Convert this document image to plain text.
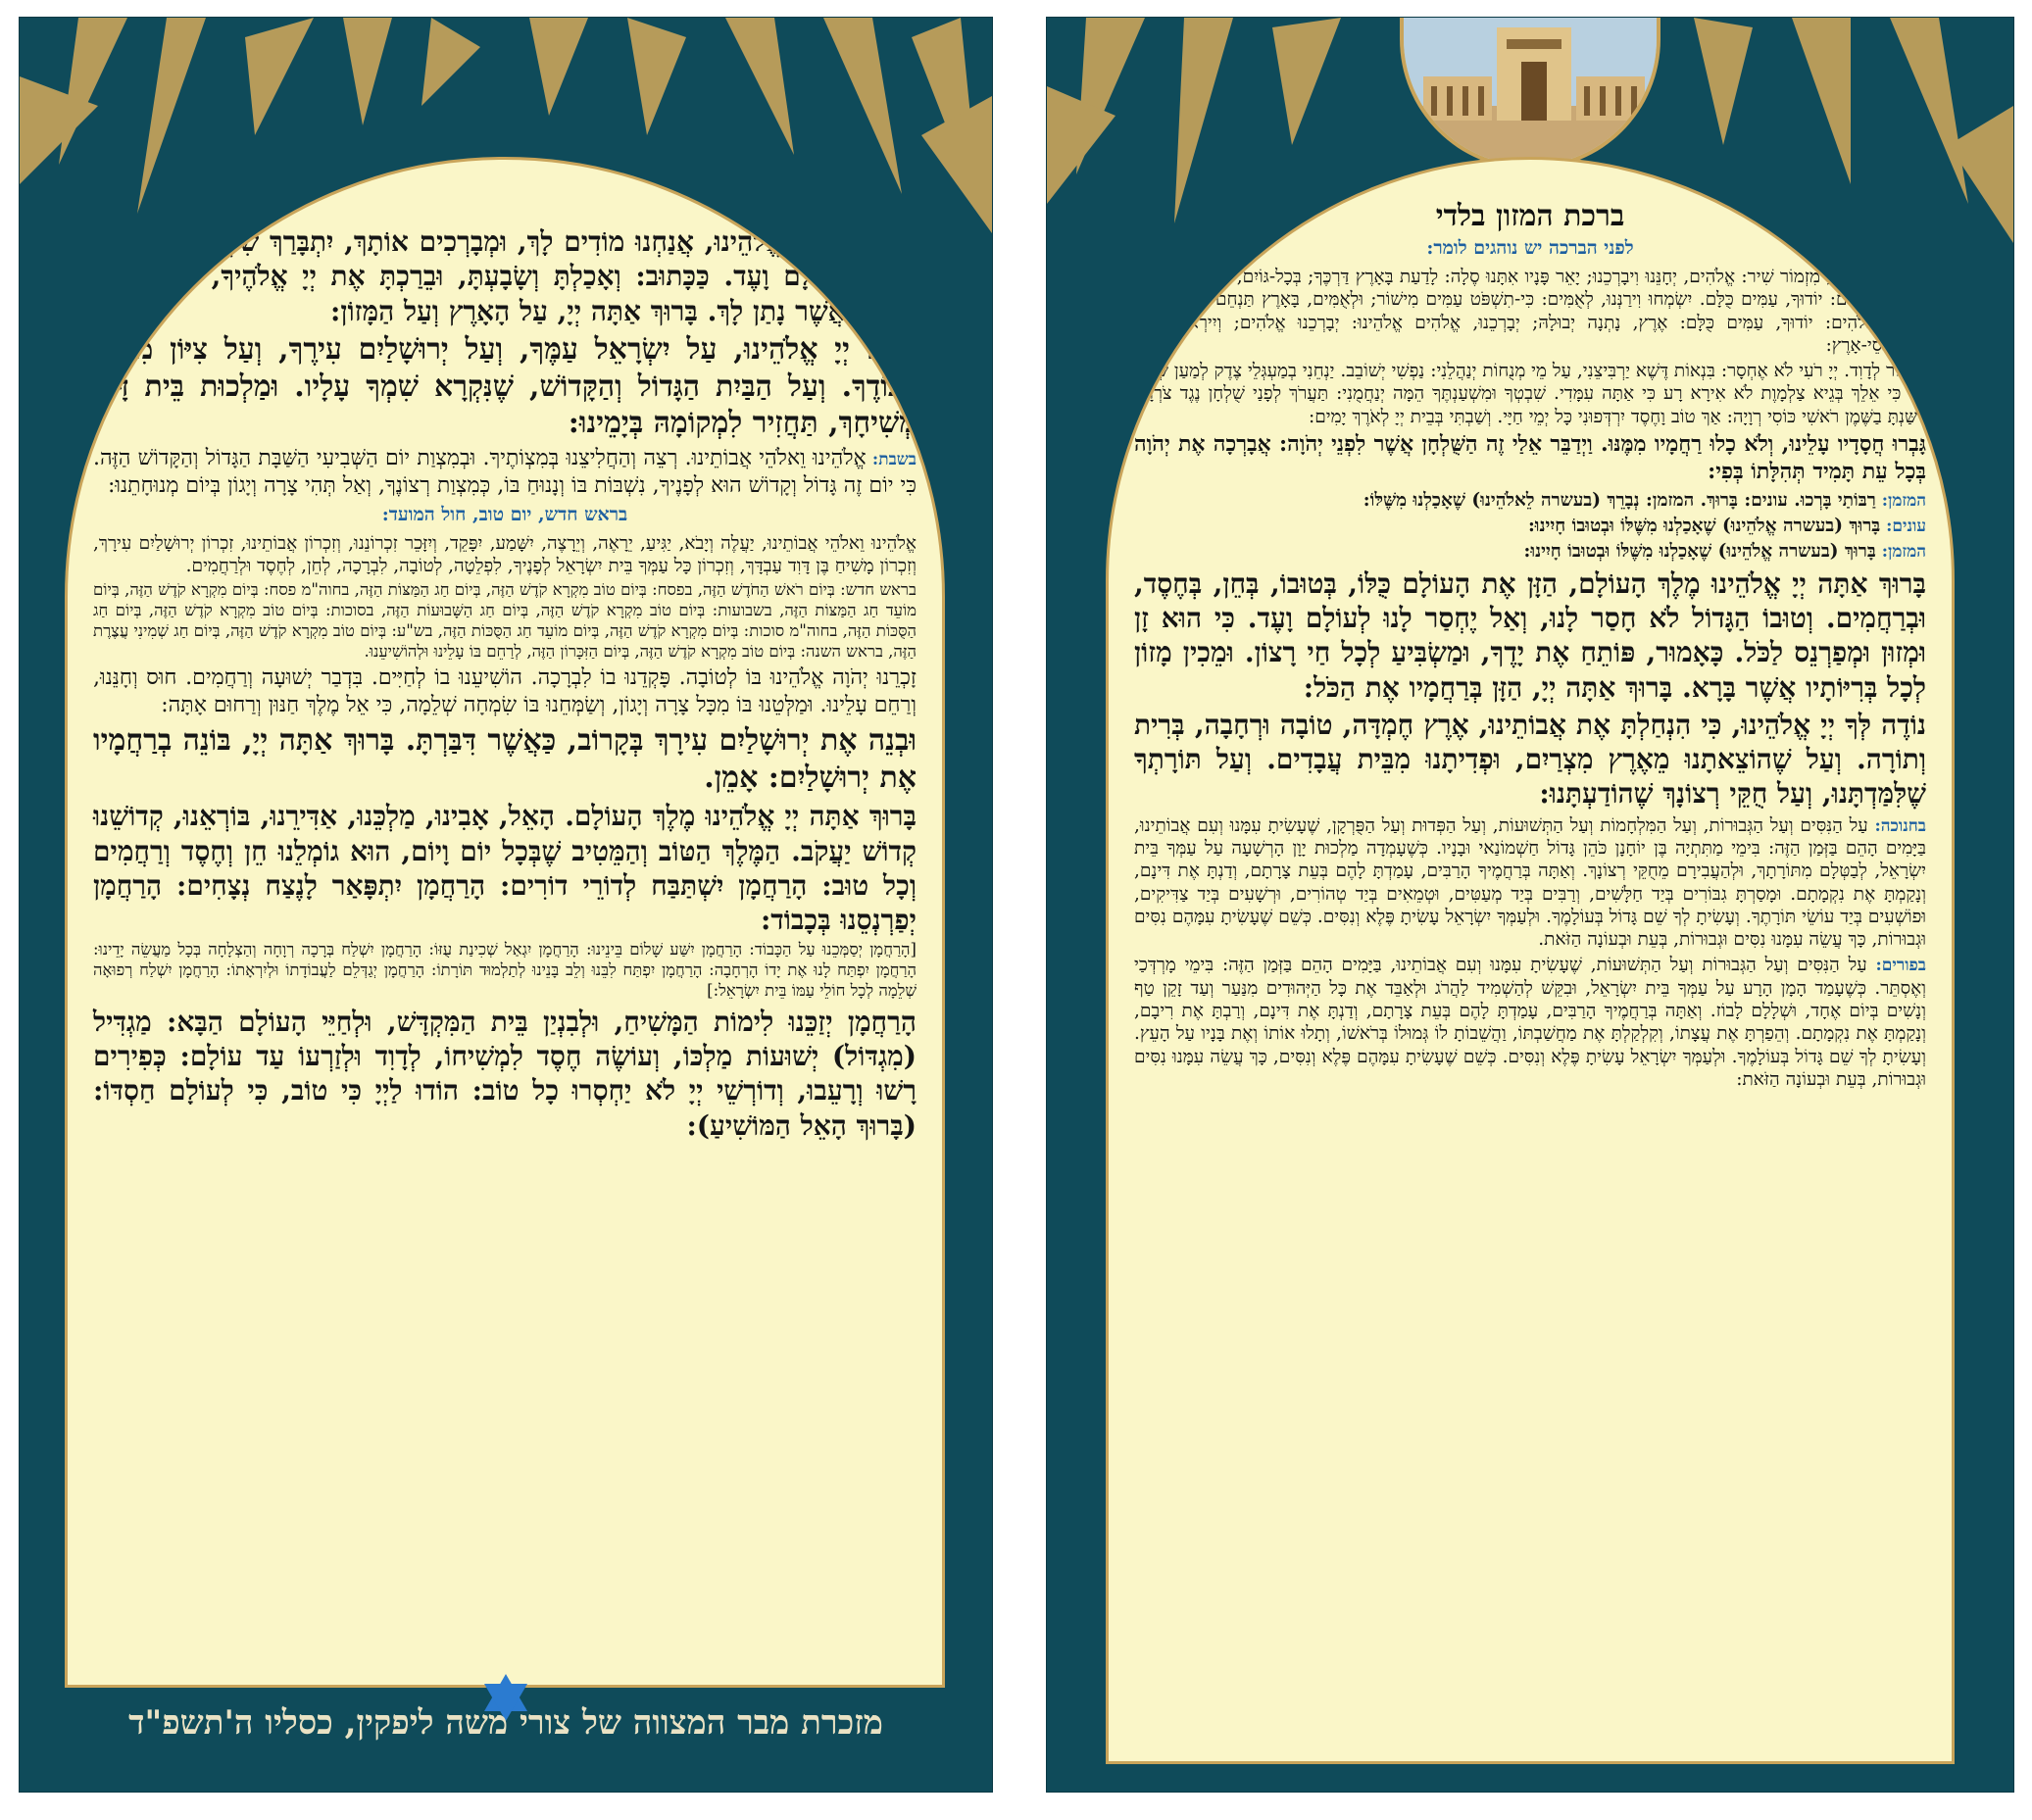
וְעַל הַכֹּל, יְיָ אֱלֹהֵינוּ, אֲנַחְנוּ מוֹדִים לָךְ, וּמְבָרְכִים אוֹתָךְ, יִתְבָּרַךְ שִׁמְךָ בְּפִי כָּל חַי תָּמִיד לְעוֹלָם וָעֶד. כַּכָּתוּב: וְאָכַלְתָּ וְשָׂבָעְתָּ, וּבֵרַכְתָּ אֶת יְיָ אֱלֹהֶיךָ, עַל הָאָרֶץ הַטֹּבָה אֲשֶׁר נָתַן לָךְ. בָּרוּךְ אַתָּה יְיָ, עַל הָאָרֶץ וְעַל הַמָּזוֹן:

רַחֵם יְיָ אֱלֹהֵינוּ, עַל יִשְׂרָאֵל עַמֶּךָ, וְעַל יְרוּשָׁלַיִם עִירֶךָ, וְעַל צִיּוֹן מִשְׁכַּן כְּבוֹדֶךָ. וְעַל הַבַּיִת הַגָּדוֹל וְהַקָּדוֹשׁ, שֶׁנִּקְרָא שִׁמְךָ עָלָיו. וּמַלְכוּת בֵּית דָּוִד מְשִׁיחָךְ, תַּחֲזִיר לִמְקוֹמָהּ בְּיָמֵינוּ:

בשבת: אֱלֹהֵינוּ וֵאלֹהֵי אֲבוֹתֵינוּ. רְצֵה וְהַחֲלִיצֵנוּ בְּמִצְוֹתֶיךָ. וּבְמִצְוַת יוֹם הַשְּׁבִיעִי הַשַּׁבָּת הַגָּדוֹל וְהַקָּדוֹשׁ הַזֶּה. כִּי יוֹם זֶה גָּדוֹל וְקָדוֹשׁ הוּא לְפָנֶיךָ, נִשְׁבּוֹת בּוֹ וְנָנוּחַ בּוֹ, כְּמִצְוַת רְצוֹנֶךָ, וְאַל תְּהִי צָרָה וְיָגוֹן בְּיוֹם מְנוּחָתֵנוּ:

בראש חדש, יום טוב, חול המועד:

אֱלֹהֵינוּ וֵאלֹהֵי אֲבוֹתֵינוּ, יַעֲלֶה וְיָבֹא, יַגִּיעַ, יֵרָאֶה, וְיֵרָצֶה, יִשָּׁמַע, יִפָּקֵד, וְיִזָּכֵר זִכְרוֹנֵנוּ, וְזִכְרוֹן אֲבוֹתֵינוּ, זִכְרוֹן יְרוּשָׁלַיִם עִירָךְ, וְזִכְרוֹן מָשִׁיחַ בֶּן דָּוִד עַבְדָּךְ, וְזִכְרוֹן כָּל עַמְּךָ בֵּית יִשְׂרָאֵל לְפָנֶיךָ, לִפְלֵטָה, לְטוֹבָה, לִבְרָכָה, לְחֵן, לְחֶסֶד וּלְרַחֲמִים.

בראש חדש: בְּיוֹם רֹאשׁ הַחֹדֶשׁ הַזֶּה, בפסח: בְּיוֹם טוֹב מִקְרָא קֹדֶשׁ הַזֶּה, בְּיוֹם חַג הַמַּצּוֹת הַזֶּה, בחוה"מ פסח: בְּיוֹם מִקְרָא קֹדֶשׁ הַזֶּה, בְּיוֹם מוֹעֵד חַג הַמַּצּוֹת הַזֶּה, בשבועות: בְּיוֹם טוֹב מִקְרָא קֹדֶשׁ הַזֶּה, בְּיוֹם חַג הַשָּׁבוּעוֹת הַזֶּה, בסוכות: בְּיוֹם טוֹב מִקְרָא קֹדֶשׁ הַזֶּה, בְּיוֹם חַג הַסֻּכּוֹת הַזֶּה, בחוה"מ סוכות: בְּיוֹם מִקְרָא קֹדֶשׁ הַזֶּה, בְּיוֹם מוֹעֵד חַג הַסֻּכּוֹת הַזֶּה, בש"ע: בְּיוֹם טוֹב מִקְרָא קֹדֶשׁ הַזֶּה, בְּיוֹם חַג שְׁמִינִי עֲצֶרֶת הַזֶּה, בראש השנה: בְּיוֹם טוֹב מִקְרָא קֹדֶשׁ הַזֶּה, בְּיוֹם הַזִּכָּרוֹן הַזֶּה, לְרַחֵם בּוֹ עָלֵינוּ וּלְהוֹשִׁיעֵנוּ.

זָכְרֵנוּ יְהֹוָה אֱלֹהֵינוּ בּוֹ לְטוֹבָה. פָּקְדֵנוּ בוֹ לִבְרָכָה. הוֹשִׁיעֵנוּ בוֹ לְחַיִּים. בִּדְבַר יְשׁוּעָה וְרַחֲמִים. חוּס וְחָנֵּנוּ, וְרַחֵם עָלֵינוּ. וּמַלְּטֵנוּ בּוֹ מִכָּל צָרָה וְיָגוֹן, וְשַׂמְּחֵנוּ בּוֹ שִׂמְחָה שְׁלֵמָה, כִּי אֵל מֶלֶךְ חַנּוּן וְרַחוּם אָתָּה:

וּבְנֵה אֶת יְרוּשָׁלַיִם עִירָךְ בְּקָרוֹב, כַּאֲשֶׁר דִּבַּרְתָּ. בָּרוּךְ אַתָּה יְיָ, בּוֹנֵה בְרַחֲמָיו אֶת יְרוּשָׁלַיִם: אָמֵן.

בָּרוּךְ אַתָּה יְיָ אֱלֹהֵינוּ מֶלֶךְ הָעוֹלָם. הָאֵל, אָבִינוּ, מַלְכֵּנוּ, אַדִּירֵנוּ, בּוֹרְאֵנוּ, קְדוֹשֵׁנוּ קְדוֹשׁ יַעֲקֹב. הַמֶּלֶךְ הַטּוֹב וְהַמֵּטִיב שֶׁבְּכָל יוֹם וָיוֹם, הוּא גוֹמְלֵנוּ חֵן וְחֶסֶד וְרַחֲמִים וְכָל טוּב: הָרַחֲמָן יִשְׁתַּבַּח לְדוֹרֵי דוֹרִים: הָרַחֲמָן יִתְפָּאַר לָנֶצַח נְצָחִים: הָרַחֲמָן יְפַרְנְסֵנוּ בְּכָבוֹד:

[הָרַחֲמָן יְסַמְּכֵנוּ עַל הַכָּבוֹד: הָרַחֲמָן יִשַּׁע שָׁלוֹם בֵּינֵינוּ: הָרַחֲמָן יִגְאַל שְׁכִינַת עֻזּוֹ: הָרַחֲמָן יִשְׁלַח בְּרָכָה רְוָחָה וְהַצְלָחָה בְּכָל מַעֲשֵׂה יָדֵינוּ: הָרַחֲמָן יִפְתַּח לָנוּ אֶת יָדוֹ הָרְחָבָה: הָרַחֲמָן יִפְתַּח לִבֵּנוּ וְלֵב בָּנֵינוּ לְתַלְמוּד תּוֹרָתוֹ: הָרַחֲמָן יְגַדְּלֵם לַעֲבוֹדָתוֹ וּלְיִרְאָתוֹ: הָרַחֲמָן יִשְׁלַח רְפוּאָה שְׁלֵמָה לְכָל חוֹלֵי עַמּוֹ בֵּית יִשְׂרָאֵל:]

הָרַחֲמָן יְזַכֵּנוּ לִימוֹת הַמָּשִׁיחַ, וּלְבִנְיַן בֵּית הַמִּקְדָּשׁ, וּלְחַיֵּי הָעוֹלָם הַבָּא: מַגְדִּיל (מִגְדּוֹל) יְשׁוּעוֹת מַלְכּוֹ, וְעוֹשֶׂה חֶסֶד לִמְשִׁיחוֹ, לְדָוִד וּלְזַרְעוֹ עַד עוֹלָם: כְּפִירִים רָשׁוּ וְרָעֵבוּ, וְדוֹרְשֵׁי יְיָ לֹא יַחְסְרוּ כָל טוֹב: הוֹדוּ לַיְיָ כִּי טוֹב, כִּי לְעוֹלָם חַסְדּוֹ: (בָּרוּךְ הָאֵל הַמּוֹשִׁיעַ):

מזכרת מבר המצווה של צורי משה ליפקין, כסליו ה'תשפ"ד
ברכת המזון בלדי
לפני הברכה יש נוהגים לומר:

לַמְנַצֵּחַ בִּנְגִינֹת, מִזְמוֹר שִׁיר: אֱלֹהִים, יְחָנֵּנוּ וִיבָרְכֵנוּ; יָאֵר פָּנָיו אִתָּנוּ סֶלָה: לָדַעַת בָּאָרֶץ דַּרְכֶּךָ; בְּכָל-גּוֹיִם, יְשׁוּעָתֶךָ: יוֹדוּךָ עַמִּים אֱלֹהִים: יוֹדוּךָ, עַמִּים כֻּלָּם. יִשְׂמְחוּ וִירַנְּנוּ, לְאֻמִּים: כִּי-תִשְׁפֹּט עַמִּים מִישׁוֹר; וּלְאֻמִּים, בָּאָרֶץ תַּנְחֵם סֶלָה: יוֹדוּךָ עַמִּים אֱלֹהִים: יוֹדוּךָ, עַמִּים כֻּלָּם: אֶרֶץ, נָתְנָה יְבוּלָהּ; יְבָרְכֵנוּ, אֱלֹהִים אֱלֹהֵינוּ: יְבָרְכֵנוּ אֱלֹהִים; וְיִירְאוּ אוֹתוֹ, כָּל-אַפְסֵי-אָרֶץ:

מִזְמוֹר לְדָוִד. יְיָ רֹעִי לֹא אֶחְסָר: בִּנְאוֹת דֶּשֶׁא יַרְבִּיצֵנִי, עַל מֵי מְנֻחוֹת יְנַהֲלֵנִי: נַפְשִׁי יְשׁוֹבֵב. יַנְחֵנִי בְמַעְגְּלֵי צֶדֶק לְמַעַן שְׁמוֹ: גַּם כִּי אֵלֵךְ בְּגֵיא צַלְמָוֶת לֹא אִירָא רָע כִּי אַתָּה עִמָּדִי. שִׁבְטְךָ וּמִשְׁעַנְתֶּךָ הֵמָּה יְנַחֲמֻנִי: תַּעֲרֹךְ לְפָנַי שֻׁלְחָן נֶגֶד צֹרְרָי. דִּשַּׁנְתָּ בַשֶּׁמֶן רֹאשִׁי כּוֹסִי רְוָיָה: אַךְ טוֹב וָחֶסֶד יִרְדְּפוּנִי כָּל יְמֵי חַיָּי. וְשַׁבְתִּי בְּבֵית יְיָ לְאֹרֶךְ יָמִים:

גָּבְרוּ חֲסָדָיו עָלֵינוּ, וְלֹא כָלוּ רַחֲמָיו מִמֶּנּוּ. וַיְדַבֵּר אֵלַי זֶה הַשֻּׁלְחָן אֲשֶׁר לִפְנֵי יְהֹוָה: אֲבָרְכָה אֶת יְהֹוָה בְּכָל עֵת תָּמִיד תְּהִלָּתוֹ בְּפִי:

המזמן: רַבּוֹתַי בָּרְכוּ. עונים: בָּרוּךְ. המזמן: נְבָרֵךְ (בעשרה לֵאלֹהֵינוּ) שֶׁאָכַלְנוּ מִשֶּׁלּוֹ:

עונים: בָּרוּךְ (בעשרה אֱלֹהֵינוּ) שֶׁאָכַלְנוּ מִשֶּׁלּוֹ וּבְטוּבוֹ חָיִינוּ:

המזמן: בָּרוּךְ (בעשרה אֱלֹהֵינוּ) שֶׁאָכַלְנוּ מִשֶּׁלּוֹ וּבְטוּבוֹ חָיִינוּ:

בָּרוּךְ אַתָּה יְיָ אֱלֹהֵינוּ מֶלֶךְ הָעוֹלָם, הַזָּן אֶת הָעוֹלָם כֻּלּוֹ, בְּטוּבוֹ, בְּחֵן, בְּחֶסֶד, וּבְרַחֲמִים. וְטוּבוֹ הַגָּדוֹל לֹא חָסַר לָנוּ, וְאַל יֶחְסַר לָנוּ לְעוֹלָם וָעֶד. כִּי הוּא זָן וּמְזוּן וּמְפַרְנֵס לַכֹּל. כָּאָמוּר, פּוֹתֵחַ אֶת יָדֶךָ, וּמַשְׂבִּיעַ לְכָל חַי רָצוֹן. וּמֵכִין מָזוֹן לְכָל בְּרִיּוֹתָיו אֲשֶׁר בָּרָא. בָּרוּךְ אַתָּה יְיָ, הַזָּן בְּרַחֲמָיו אֶת הַכֹּל:

נוֹדֶה לְּךָ יְיָ אֱלֹהֵינוּ, כִּי הִנְחַלְתָּ אֶת אֲבוֹתֵינוּ, אֶרֶץ חֶמְדָּה, טוֹבָה וּרְחָבָה, בְּרִית וְתוֹרָה. וְעַל שֶׁהוֹצֵאתָנוּ מֵאֶרֶץ מִצְרַיִם, וּפְדִיתָנוּ מִבֵּית עֲבָדִים. וְעַל תּוֹרָתְךָ שֶׁלִּמַּדְתָּנוּ, וְעַל חֻקֵּי רְצוֹנָךְ שֶׁהוֹדַעְתָּנוּ:

בחנוכה: עַל הַנִּסִּים וְעַל הַגְּבוּרוֹת, וְעַל הַמִּלְחָמוֹת וְעַל הַתְּשׁוּעוֹת, וְעַל הַפְּדוּת וְעַל הַפֻּרְקָן, שֶׁעָשִׂיתָ עִמָּנוּ וְעִם אֲבוֹתֵינוּ, בַּיָּמִים הָהֵם בַּזְּמַן הַזֶּה: בִּימֵי מַתִּתְיָה בֶּן יוֹחָנָן כֹּהֵן גָּדוֹל חַשְׁמוֹנַאי וּבָנָיו. כְּשֶׁעָמְדָה מַלְכוּת יָוָן הָרְשָׁעָה עַל עַמְּךָ בֵּית יִשְׂרָאֵל, לְבַטְּלָם מִתּוֹרָתָךְ, וּלְהַעֲבִירָם מֵחֻקֵּי רְצוֹנָךְ. וְאַתָּה בְּרַחֲמֶיךָ הָרַבִּים, עָמַדְתָּ לָהֶם בְּעֵת צָרָתָם, וְדַנְתָּ אֶת דִּינָם, וְנָקַמְתָּ אֶת נִקְמָתָם. וּמָסַרְתָּ גִבּוֹרִים בְּיַד חַלָּשִׁים, וְרַבִּים בְּיַד מְעַטִּים, וּטְמֵאִים בְּיַד טְהוֹרִים, וּרְשָׁעִים בְּיַד צַדִּיקִים, וּפוֹשְׁעִים בְּיַד עוֹשֵׂי תּוֹרָתֶךָ. וְעָשִׂיתָ לְךָ שֵׁם גָּדוֹל בְּעוֹלָמֶךָ. וּלְעַמְּךָ יִשְׂרָאֵל עָשִׂיתָ פֶּלֶא וְנִסִּים. כְּשֵׁם שֶׁעָשִׂיתָ עִמָּהֶם נִסִּים וּגְבוּרוֹת, כָּךְ עֲשֵׂה עִמָּנוּ נִסִּים וּגְבוּרוֹת, בְּעֵת וּבְעוֹנָה הַזֹּאת.

בפורים: עַל הַנִּסִּים וְעַל הַגְּבוּרוֹת וְעַל הַתְּשׁוּעוֹת, שֶׁעָשִׂיתָ עִמָּנוּ וְעִם אֲבוֹתֵינוּ, בַּיָּמִים הָהֵם בַּזְּמַן הַזֶּה: בִּימֵי מָרְדְּכַי וְאֶסְתֵּר. כְּשֶׁעָמַד הָמָן הָרָע עַל עַמְּךָ בֵּית יִשְׂרָאֵל, וּבִקֵּשׁ לְהַשְׁמִיד לַהֲרֹג וּלְאַבֵּד אֶת כָּל הַיְּהוּדִים מִנַּעַר וְעַד זָקֵן טַף וְנָשִׁים בְּיוֹם אֶחָד, וּשְׁלָלָם לָבוֹז. וְאַתָּה בְּרַחֲמֶיךָ הָרַבִּים, עָמַדְתָּ לָהֶם בְּעֵת צָרָתָם, וְדַנְתָּ אֶת דִּינָם, וְרַבְתָּ אֶת רִיבָם, וְנָקַמְתָּ אֶת נִקְמָתָם. וְהֵפַרְתָּ אֶת עֲצָתוֹ, וְקִלְקַלְתָּ אֶת מַחֲשַׁבְתּוֹ, וַהֲשֵׁבוֹתָ לוֹ גְּמוּלוֹ בְּרֹאשׁוֹ, וְתָלוּ אוֹתוֹ וְאֶת בָּנָיו עַל הָעֵץ. וְעָשִׂיתָ לְךָ שֵׁם גָּדוֹל בְּעוֹלָמֶךָ. וּלְעַמְּךָ יִשְׂרָאֵל עָשִׂיתָ פֶּלֶא וְנִסִּים. כְּשֵׁם שֶׁעָשִׂיתָ עִמָּהֶם פֶּלֶא וְנִסִּים, כָּךְ עֲשֵׂה עִמָּנוּ נִסִּים וּגְבוּרוֹת, בְּעֵת וּבְעוֹנָה הַזֹּאת:
